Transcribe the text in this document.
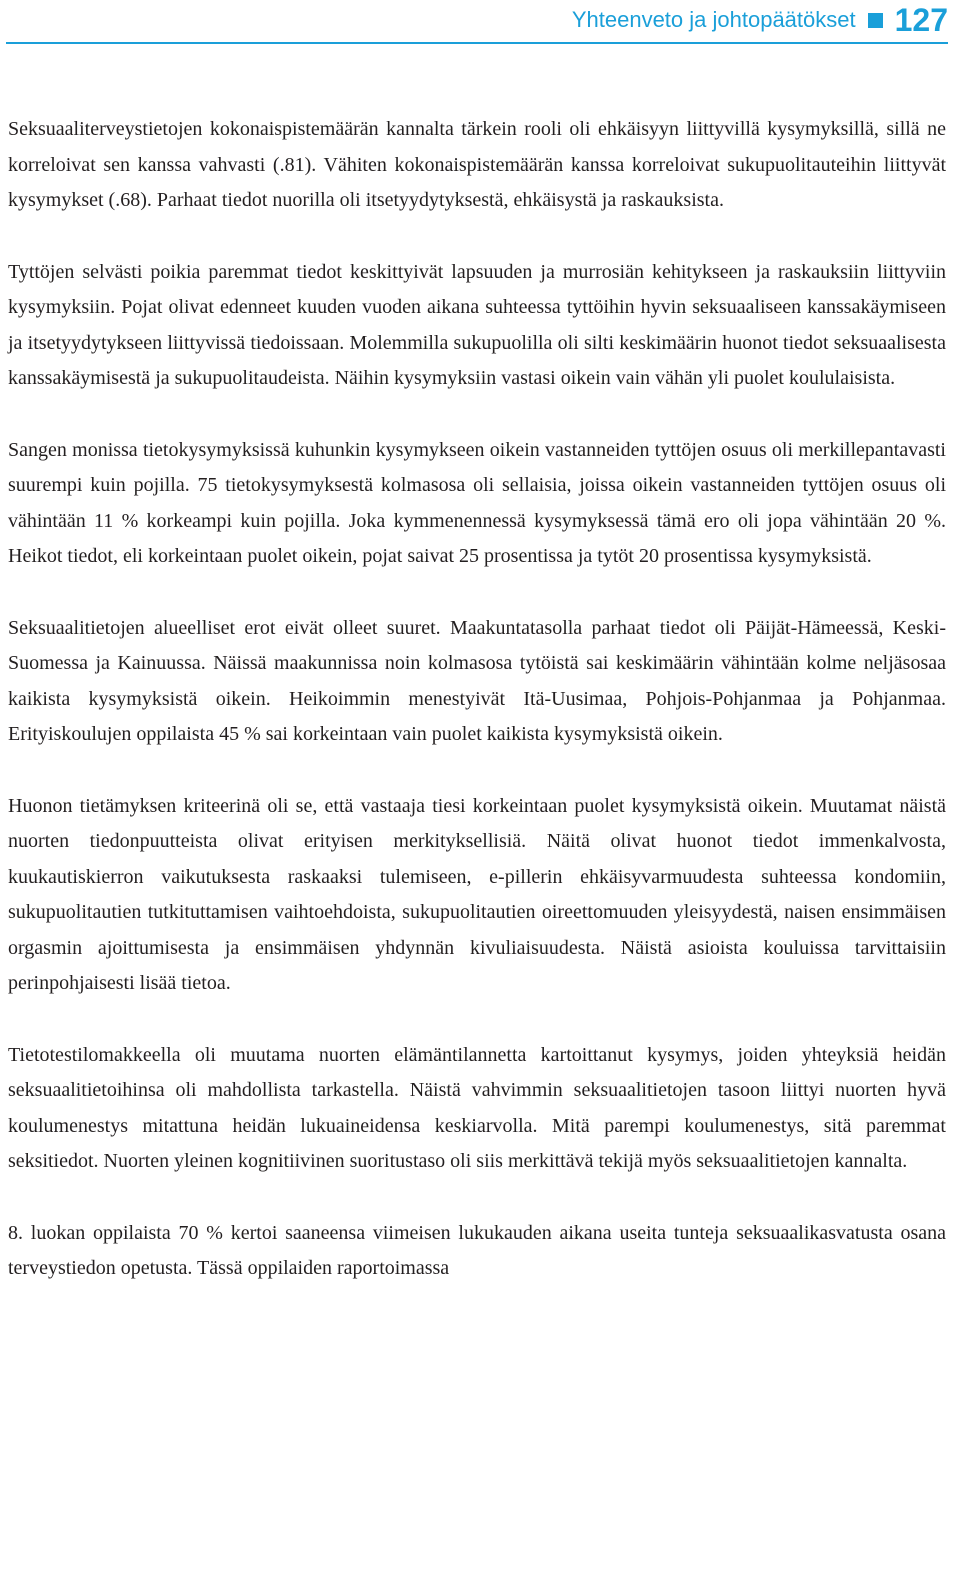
Yhteenveto ja johtopäätökset 127

Seksuaaliterveystietojen kokonaispistemäärän kannalta tärkein rooli oli ehkäisyyn liittyvillä kysymyksillä, sillä ne korreloivat sen kanssa vahvasti (.81). Vähiten kokonaispistemäärän kanssa korreloivat sukupuolitauteihin liittyvät kysymykset (.68). Parhaat tiedot nuorilla oli itsetyydytyksestä, ehkäisystä ja raskauksista.

Tyttöjen selvästi poikia paremmat tiedot keskittyivät lapsuuden ja murrosiän kehitykseen ja raskauksiin liittyviin kysymyksiin. Pojat olivat edenneet kuuden vuoden aikana suhteessa tyttöihin hyvin seksuaaliseen kanssakäymiseen ja itsetyydytykseen liittyvissä tiedoissaan. Molemmilla sukupuolilla oli silti keskimäärin huonot tiedot seksuaalisesta kanssakäymisestä ja sukupuolitaudeista. Näihin kysymyksiin vastasi oikein vain vähän yli puolet koululaisista.

Sangen monissa tietokysymyksissä kuhunkin kysymykseen oikein vastanneiden tyttöjen osuus oli merkillepantavasti suurempi kuin pojilla. 75 tietokysymyksestä kolmasosa oli sellaisia, joissa oikein vastanneiden tyttöjen osuus oli vähintään 11 % korkeampi kuin pojilla. Joka kymmenennessä kysymyksessä tämä ero oli jopa vähintään 20 %. Heikot tiedot, eli korkeintaan puolet oikein, pojat saivat 25 prosentissa ja tytöt 20 prosentissa kysymyksistä.

Seksuaalitietojen alueelliset erot eivät olleet suuret. Maakuntatasolla parhaat tiedot oli Päijät-Hämeessä, Keski-Suomessa ja Kainuussa. Näissä maakunnissa noin kolmasosa tytöistä sai keskimäärin vähintään kolme neljäsosaa kaikista kysymyksistä oikein. Heikoimmin menestyivät Itä-Uusimaa, Pohjois-Pohjanmaa ja Pohjanmaa. Erityiskoulujen oppilaista 45 % sai korkeintaan vain puolet kaikista kysymyksistä oikein.

Huonon tietämyksen kriteerinä oli se, että vastaaja tiesi korkeintaan puolet kysymyksistä oikein. Muutamat näistä nuorten tiedonpuutteista olivat erityisen merkityksellisiä. Näitä olivat huonot tiedot immenkalvosta, kuukautiskierron vaikutuksesta raskaaksi tulemiseen, e-pillerin ehkäisyvarmuudesta suhteessa kondomiin, sukupuolitautien tutkituttamisen vaihtoehdoista, sukupuolitautien oireettomuuden yleisyydestä, naisen ensimmäisen orgasmin ajoittumisesta ja ensimmäisen yhdynnän kivuliaisuudesta. Näistä asioista kouluissa tarvittaisiin perinpohjaisesti lisää tietoa.

Tietotestilomakkeella oli muutama nuorten elämäntilannetta kartoittanut kysymys, joiden yhteyksiä heidän seksuaalitietoihinsa oli mahdollista tarkastella. Näistä vahvimmin seksuaalitietojen tasoon liittyi nuorten hyvä koulumenestys mitattuna heidän lukuaineidensa keskiarvolla. Mitä parempi koulumenestys, sitä paremmat seksitiedot. Nuorten yleinen kognitiivinen suoritustaso oli siis merkittävä tekijä myös seksuaalitietojen kannalta.

8. luokan oppilaista 70 % kertoi saaneensa viimeisen lukukauden aikana useita tunteja seksuaalikasvatusta osana terveystiedon opetusta. Tässä oppilaiden raportoimassa
